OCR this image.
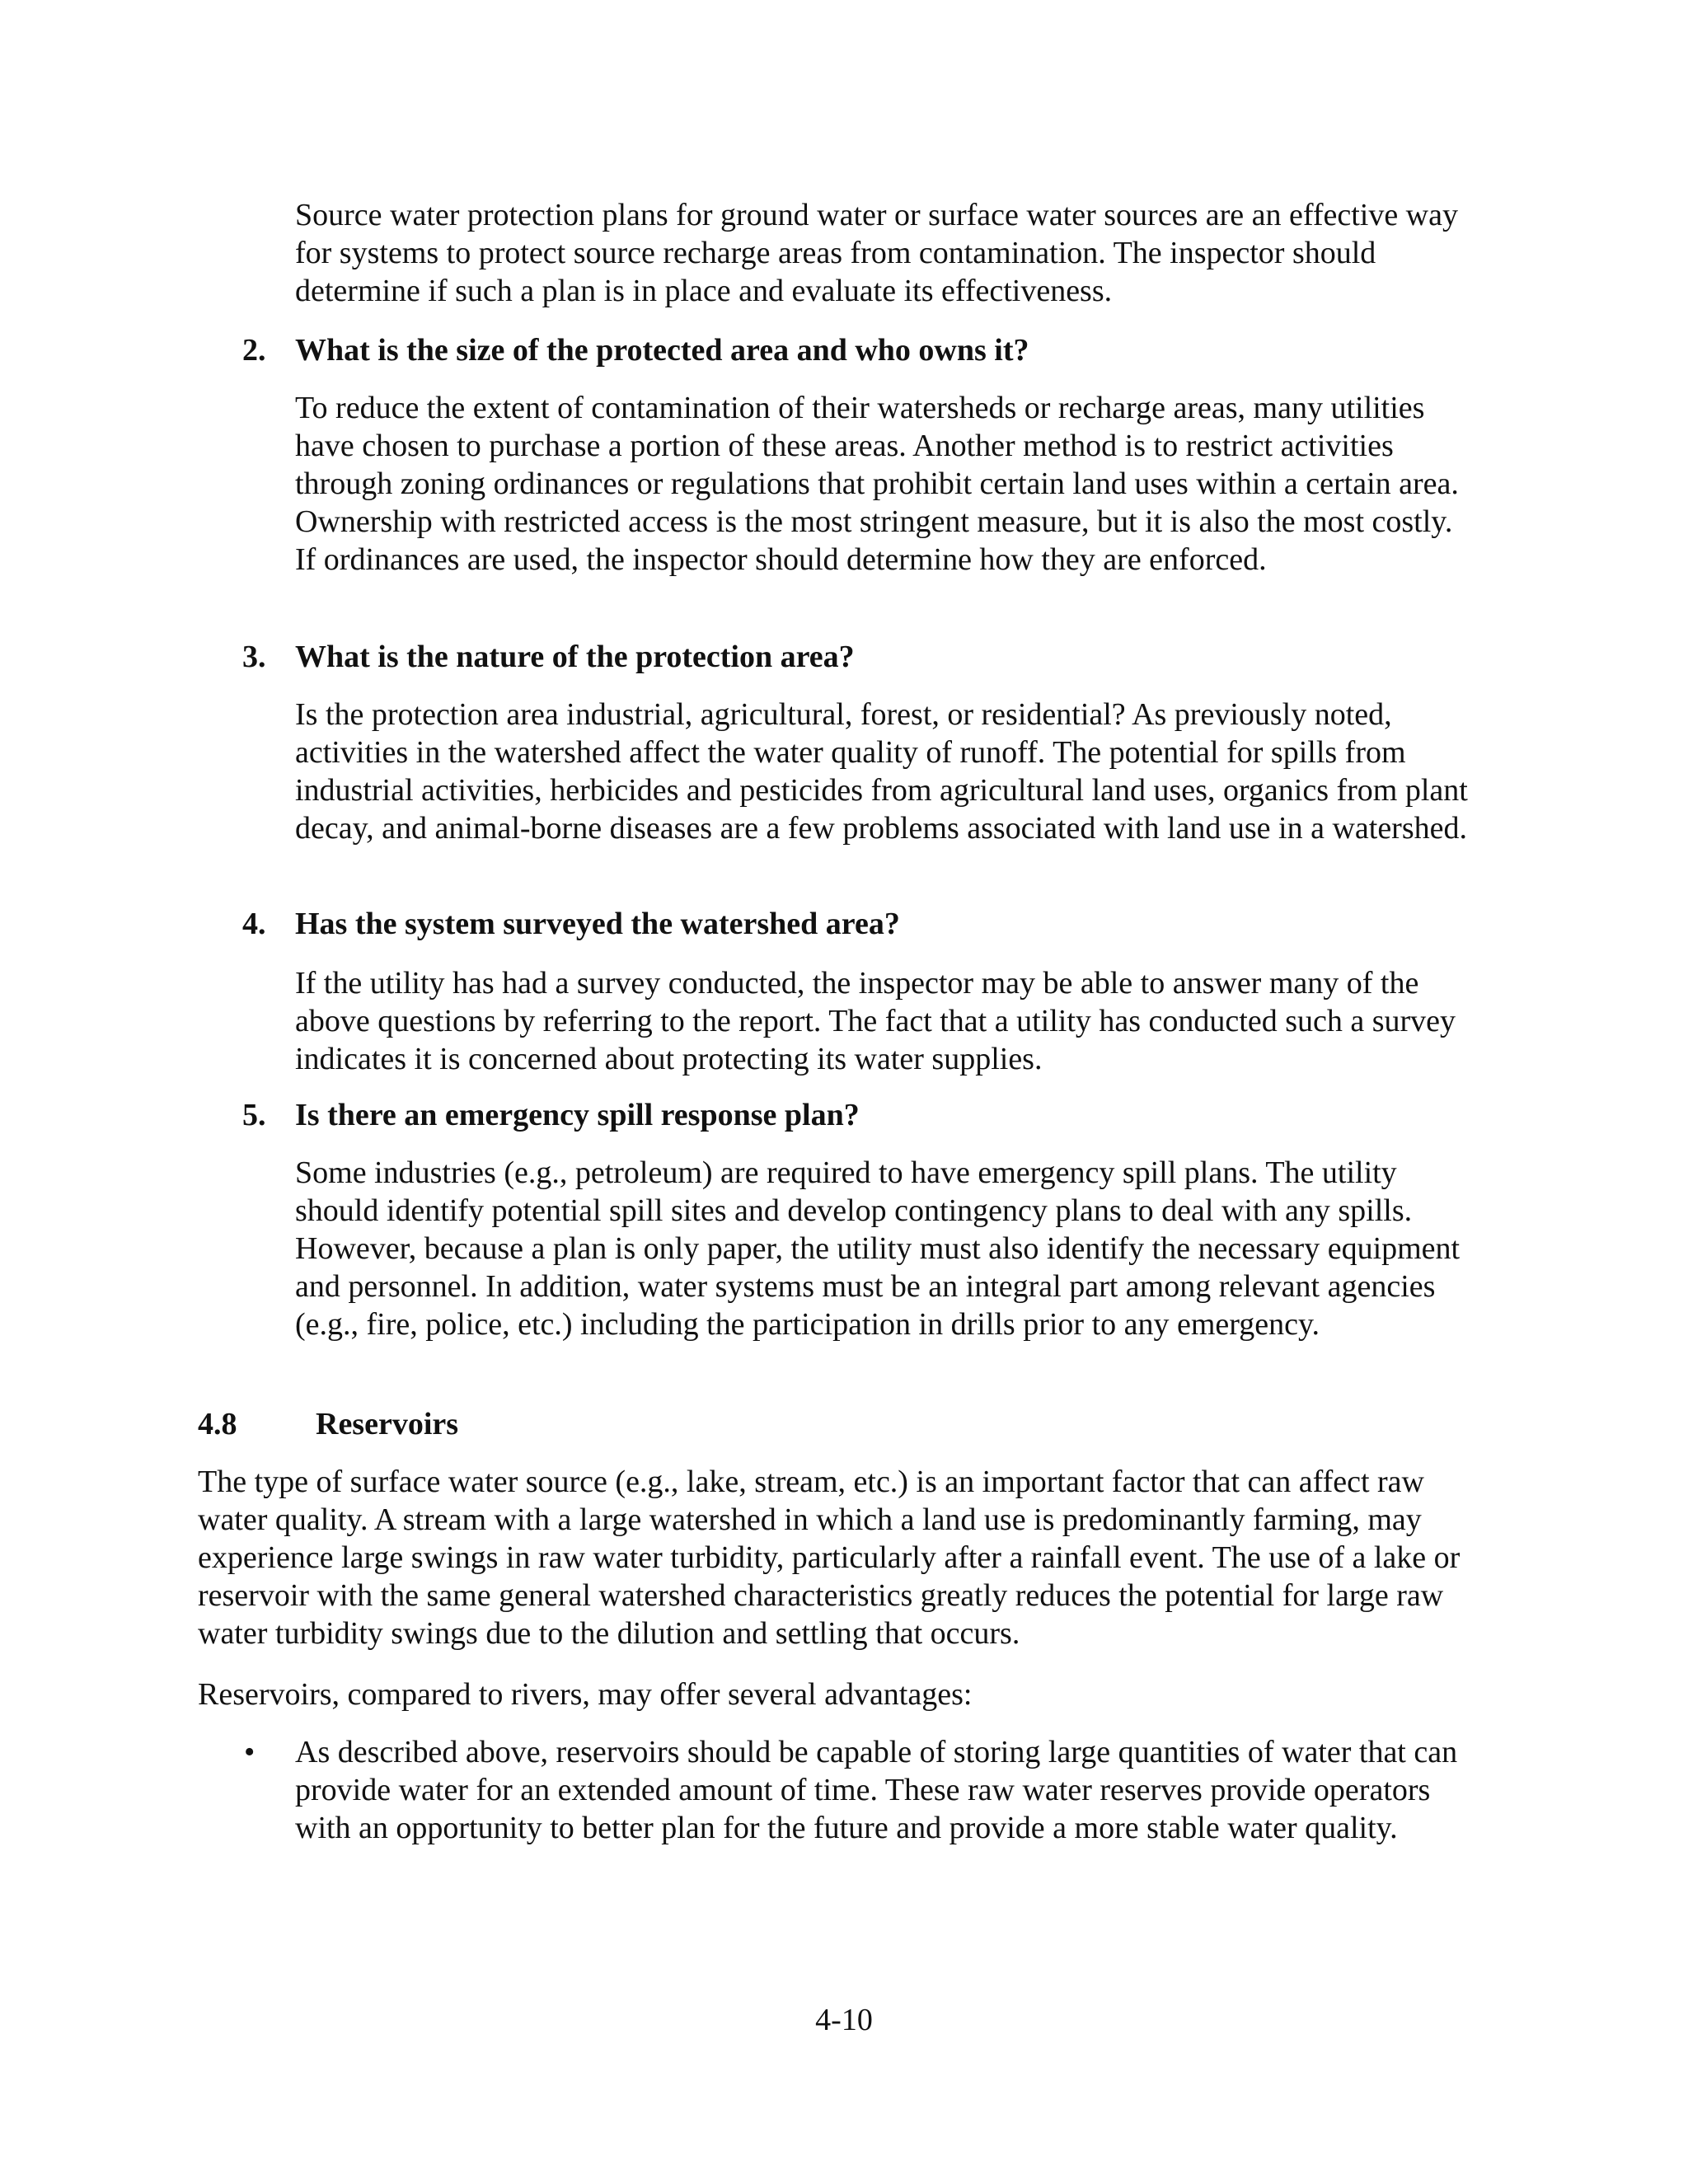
Source water protection plans for ground water or surface water sources are an effective way for systems to protect source recharge areas from contamination. The inspector should determine if such a plan is in place and evaluate its effectiveness.

2. What is the size of the protected area and who owns it?

To reduce the extent of contamination of their watersheds or recharge areas, many utilities have chosen to purchase a portion of these areas. Another method is to restrict activities through zoning ordinances or regulations that prohibit certain land uses within a certain area. Ownership with restricted access is the most stringent measure, but it is also the most costly. If ordinances are used, the inspector should determine how they are enforced.

3. What is the nature of the protection area?

Is the protection area industrial, agricultural, forest, or residential? As previously noted, activities in the watershed affect the water quality of runoff. The potential for spills from industrial activities, herbicides and pesticides from agricultural land uses, organics from plant decay, and animal-borne diseases are a few problems associated with land use in a watershed.

4. Has the system surveyed the watershed area?

If the utility has had a survey conducted, the inspector may be able to answer many of the above questions by referring to the report. The fact that a utility has conducted such a survey indicates it is concerned about protecting its water supplies.

5. Is there an emergency spill response plan?

Some industries (e.g., petroleum) are required to have emergency spill plans. The utility should identify potential spill sites and develop contingency plans to deal with any spills. However, because a plan is only paper, the utility must also identify the necessary equipment and personnel. In addition, water systems must be an integral part among relevant agencies (e.g., fire, police, etc.) including the participation in drills prior to any emergency.

4.8	Reservoirs

The type of surface water source (e.g., lake, stream, etc.) is an important factor that can affect raw water quality. A stream with a large watershed in which a land use is predominantly farming, may experience large swings in raw water turbidity, particularly after a rainfall event. The use of a lake or reservoir with the same general watershed characteristics greatly reduces the potential for large raw water turbidity swings due to the dilution and settling that occurs.

Reservoirs, compared to rivers, may offer several advantages:

• As described above, reservoirs should be capable of storing large quantities of water that can provide water for an extended amount of time. These raw water reserves provide operators with an opportunity to better plan for the future and provide a more stable water quality.

4-10
